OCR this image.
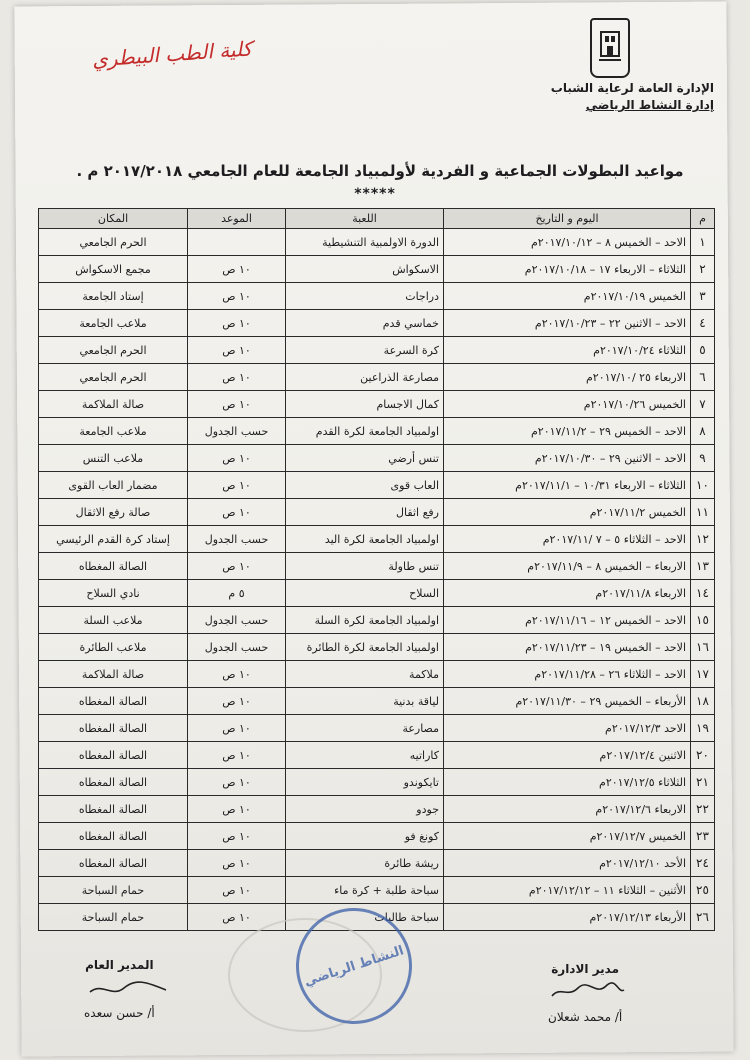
كلية الطب البيطري
الإدارة العامة لرعاية الشباب
إدارة النشاط الرياضي
مواعيد البطولات الجماعية و الفردية لأولمبياد الجامعة للعام الجامعي ٢٠١٧/٢٠١٨ م .
*****
م	اليوم و التاريخ	اللعبة	الموعد	المكان
١	الاحد – الخميس ٨ – ٢٠١٧/١٠/١٢م	الدورة الاولمبية التنشيطية		الحرم الجامعي
٢	الثلاثاء – الاربعاء ١٧ – ٢٠١٧/١٠/١٨م	الاسكواش	١٠ ص	مجمع الاسكواش
٣	الخميس ٢٠١٧/١٠/١٩م	دراجات	١٠ ص	إستاد الجامعة
٤	الاحد – الاثنين ٢٢ – ٢٠١٧/١٠/٢٣م	خماسي قدم	١٠ ص	ملاعب الجامعة
٥	الثلاثاء ٢٠١٧/١٠/٢٤م	كرة السرعة	١٠ ص	الحرم الجامعي
٦	الاربعاء ٢٥ /٢٠١٧/١٠م	مصارعة الذراعين	١٠ ص	الحرم الجامعي
٧	الخميس ٢٠١٧/١٠/٢٦م	كمال الاجسام	١٠ ص	صالة الملاكمة
٨	الاحد – الخميس ٢٩ – ٢٠١٧/١١/٢م	اولمبياد الجامعة لكرة القدم	حسب الجدول	ملاعب الجامعة
٩	الاحد – الاثنين ٢٩ – ٢٠١٧/١٠/٣٠م	تنس أرضي	١٠ ص	ملاعب التنس
١٠	الثلاثاء – الاربعاء ١٠/٣١ – ٢٠١٧/١١/١م	العاب قوى	١٠ ص	مضمار العاب القوى
١١	الخميس ٢٠١٧/١١/٢م	رفع اثقال	١٠ ص	صالة رفع الاثقال
١٢	الاحد – الثلاثاء ٥ – ٧ /٢٠١٧/١١م	اولمبياد الجامعة لكرة اليد	حسب الجدول	إستاد كرة القدم الرئيسي
١٣	الاربعاء – الخميس ٨ – ٢٠١٧/١١/٩م	تنس طاولة	١٠ ص	الصالة المغطاه
١٤	الاربعاء ٢٠١٧/١١/٨م	السلاح	٥ م	نادي السلاح
١٥	الاحد – الخميس ١٢ – ٢٠١٧/١١/١٦م	اولمبياد الجامعة لكرة السلة	حسب الجدول	ملاعب السلة
١٦	الاحد – الخميس ١٩ – ٢٠١٧/١١/٢٣م	اولمبياد الجامعة لكرة الطائرة	حسب الجدول	ملاعب الطائرة
١٧	الاحد – الثلاثاء ٢٦ – ٢٠١٧/١١/٢٨م	ملاكمة	١٠ ص	صالة الملاكمة
١٨	الأربعاء – الخميس ٢٩ – ٢٠١٧/١١/٣٠م	لياقة بدنية	١٠ ص	الصالة المغطاه
١٩	الاحد ٢٠١٧/١٢/٣م	مصارعة	١٠ ص	الصالة المغطاه
٢٠	الاثنين ٢٠١٧/١٢/٤م	كاراتيه	١٠ ص	الصالة المغطاه
٢١	الثلاثاء ٢٠١٧/١٢/٥م	تايكوندو	١٠ ص	الصالة المغطاه
٢٢	الاربعاء ٢٠١٧/١٢/٦م	جودو	١٠ ص	الصالة المغطاه
٢٣	الخميس ٢٠١٧/١٢/٧م	كونغ فو	١٠ ص	الصالة المغطاه
٢٤	الأحد ٢٠١٧/١٢/١٠م	ريشة طائرة	١٠ ص	الصالة المغطاه
٢٥	الأثنين – الثلاثاء ١١ – ٢٠١٧/١٢/١٢م	سباحة طلبة + كرة ماء	١٠ ص	حمام السباحة
٢٦	الأربعاء ٢٠١٧/١٢/١٣م	سباحة طالبات	١٠ ص	حمام السباحة
النشاط الرياضي
المدير العام
أ/ حسن سعده
مدير الادارة
أ/ محمد شعلان
